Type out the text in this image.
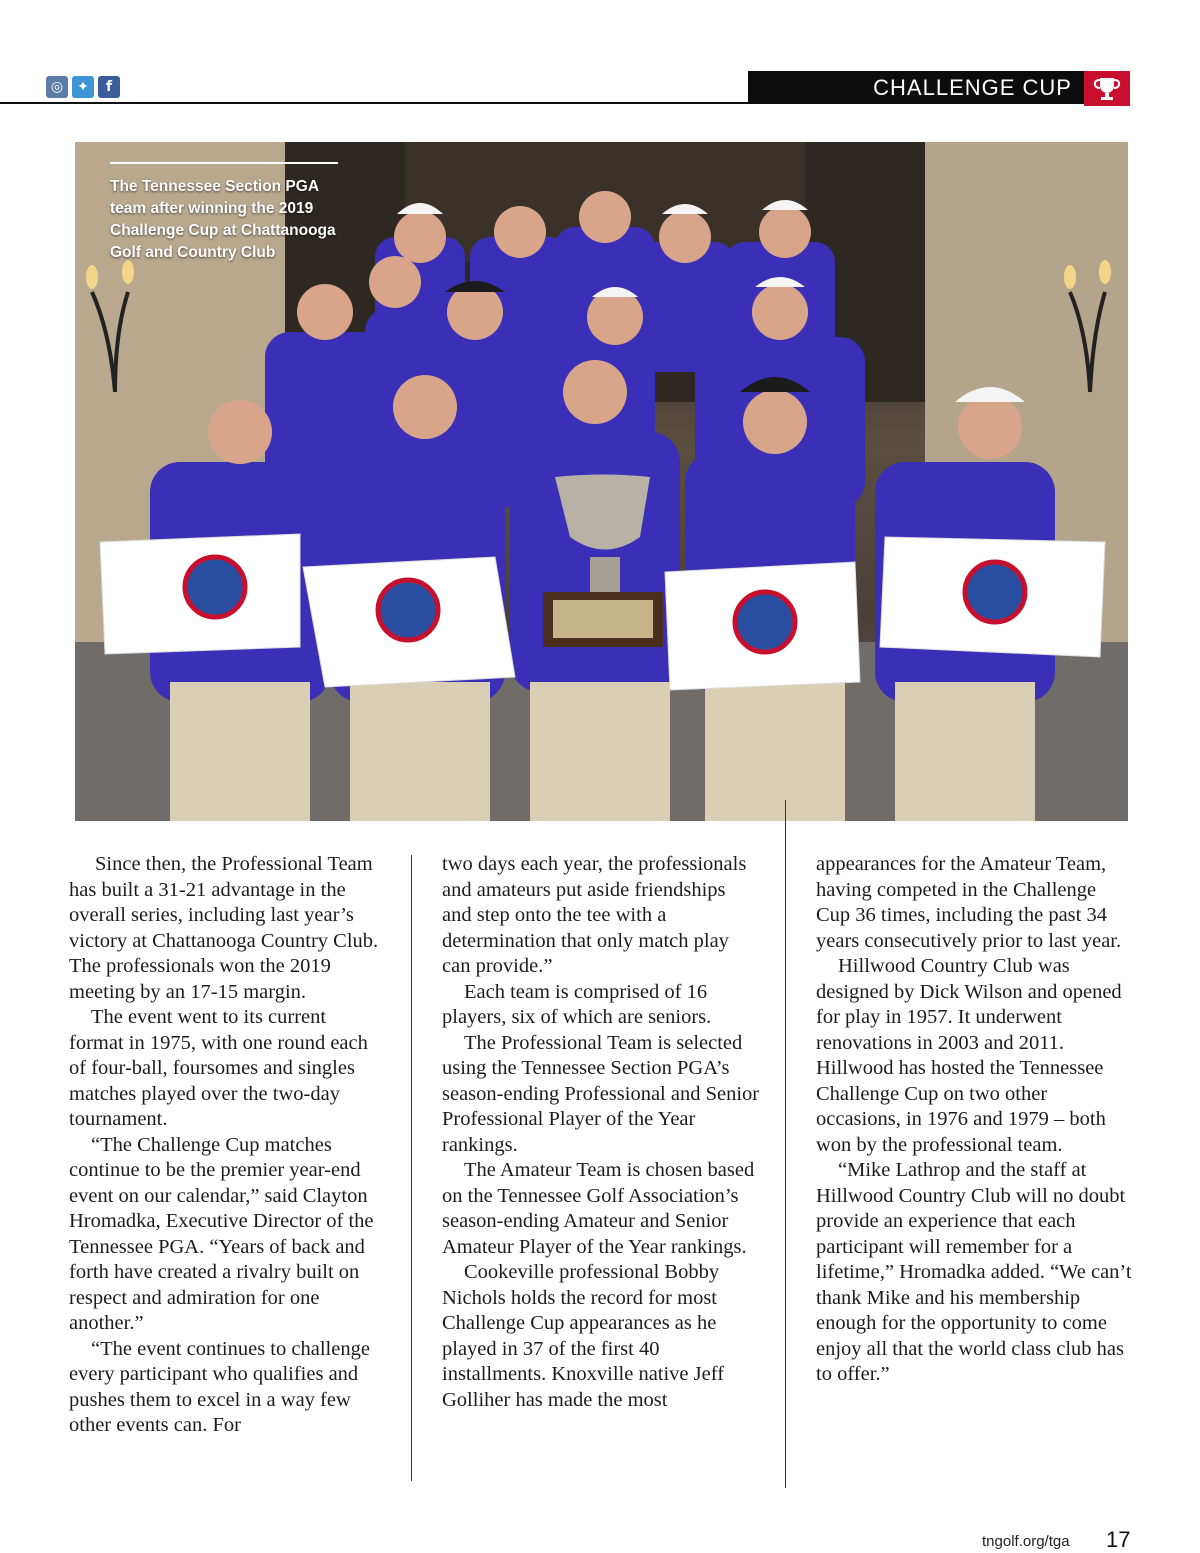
◎	✦	f	CHALLENGE CUP
The Tennessee Section PGA team after winning the 2019 Challenge Cup at Chattanooga Golf and Country Club

Since then, the Professional Team has built a 31-21 advantage in the overall series, including last year’s victory at Chattanooga Country Club. The professionals won the 2019 meeting by an 17-15 margin.

The event went to its current format in 1975, with one round each of four-ball, foursomes and singles matches played over the two-day tournament.

“The Challenge Cup matches continue to be the premier year-end event on our calendar,” said Clayton Hromadka, Executive Director of the Tennessee PGA. “Years of back and forth have created a rivalry built on respect and admiration for one another.”

“The event continues to challenge every participant who qualifies and pushes them to excel in a way few other events can. For

two days each year, the professionals and amateurs put aside friendships and step onto the tee with a determination that only match play can provide.”

Each team is comprised of 16 players, six of which are seniors.

The Professional Team is selected using the Tennessee Section PGA’s season-ending Professional and Senior Professional Player of the Year rankings.

The Amateur Team is chosen based on the Tennessee Golf Association’s season-ending Amateur and Senior Amateur Player of the Year rankings.

Cookeville professional Bobby Nichols holds the record for most Challenge Cup appearances as he played in 37 of the first 40 installments. Knoxville native Jeff Golliher has made the most

appearances for the Amateur Team, having competed in the Challenge Cup 36 times, including the past 34 years consecutively prior to last year.

Hillwood Country Club was designed by Dick Wilson and opened for play in 1957. It underwent renovations in 2003 and 2011. Hillwood has hosted the Tennessee Challenge Cup on two other occasions, in 1976 and 1979 – both won by the professional team.

“Mike Lathrop and the staff at Hillwood Country Club will no doubt provide an experience that each participant will remember for a lifetime,” Hromadka added. “We can’t thank Mike and his membership enough for the opportunity to come enjoy all that the world class club has to offer.”

tngolf.org/tga 17
